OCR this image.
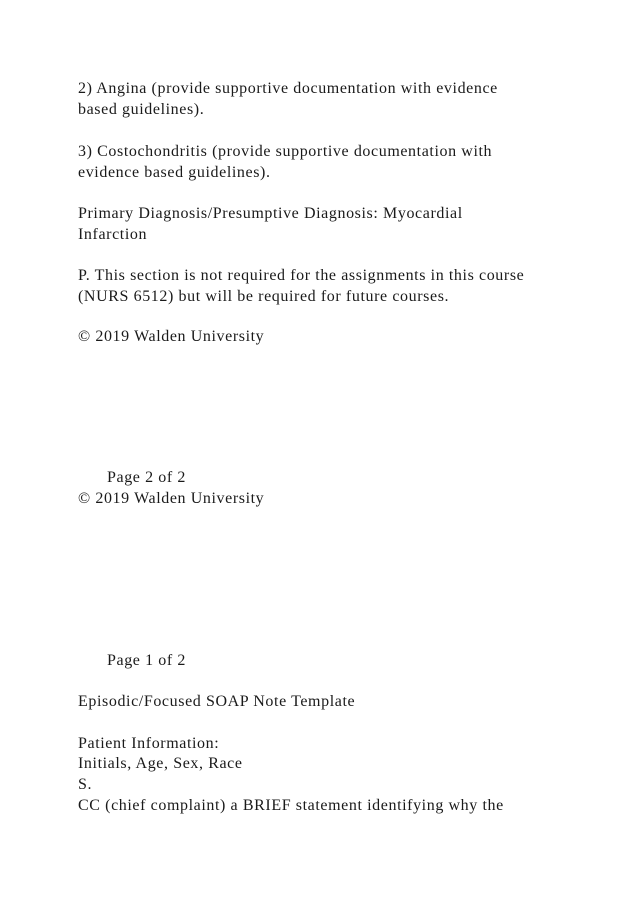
2) Angina (provide supportive documentation with evidence

based guidelines).

3) Costochondritis (provide supportive documentation with

evidence based guidelines).

Primary Diagnosis/Presumptive Diagnosis: Myocardial

Infarction

P. This section is not required for the assignments in this course

(NURS 6512) but will be required for future courses.

© 2019 Walden University

Page 2 of 2

© 2019 Walden University

Page 1 of 2

Episodic/Focused SOAP Note Template

Patient Information:

Initials, Age, Sex, Race

S.

CC (chief complaint) a BRIEF statement identifying why the
